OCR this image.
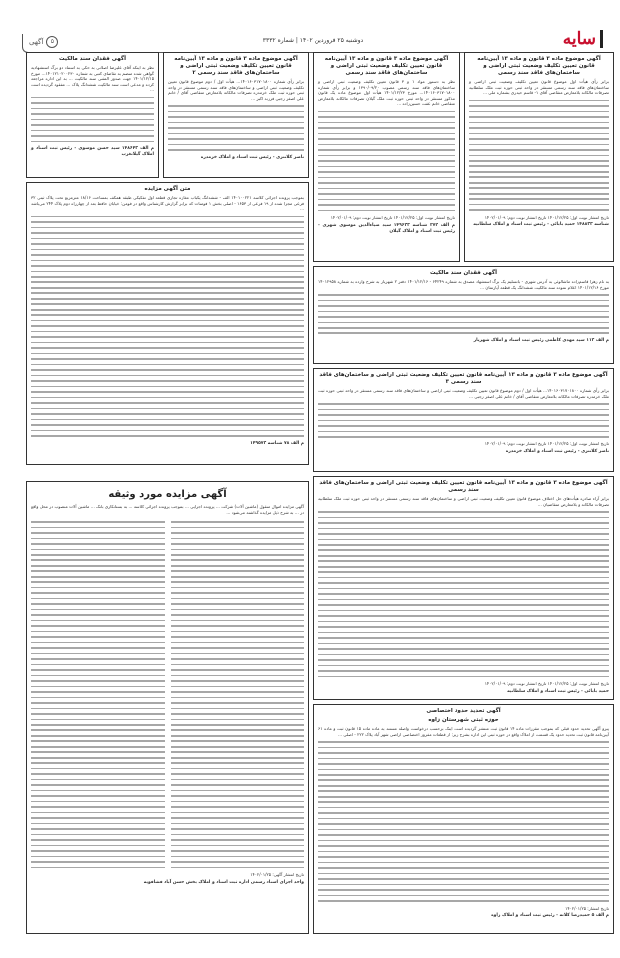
سایه
دوشنبه ۲۵ فروردین ۱۴۰۲ | شماره ۳۳۳۲
۵
آگهی
آگهی موضوع ماده ۳ قانون و ماده ۱۳ آیین‌نامه قانون تعیین تکلیف وضعیت ثبتی اراضی و ساختمان‌های فاقد سند رسمی

برابر رأی هیأت اول موضوع قانون تعیین تکلیف وضعیت ثبتی اراضی و ساختمان‌های فاقد سند رسمی مستقر در واحد ثبتی حوزه ثبت ملک سلطانیه تصرفات مالکانه بلامعارض متقاضی آقای ۱- قاسم حیدری بشماره ملی ...

تاریخ انتشار نوبت اول: ۱۴۰۱/۱۲/۲۵ تاریخ انتشار نوبت دوم: ۱۴۰۲/۰۱/۰۹

شناسه ۱۴۸۸۳۳ حمید بابائی - رئیس ثبت اسناد و املاک سلطانیه

آگهی موضوع ماده ۳ قانون و ماده ۱۳ آیین‌نامه قانون تعیین تکلیف وضعیت ثبتی اراضی و ساختمان‌های فاقد سند رسمی

نظر به دستور مواد ۱ و ۳ قانون تعیین تکلیف وضعیت ثبتی اراضی و ساختمان‌های فاقد سند رسمی مصوب ۱۳۹۰/۰۹/۲۰ و برابر رأی شماره ۱۴۰۱۶۰۳۱۷۰۱۸۰۰... مورخ ۱۴۰۱/۱۲/۲۳ هیأت اول موضوع ماده یک قانون مذکور مستقر در واحد ثبتی حوزه ثبت ملک گیلان تصرفات مالکانه بلامعارض متقاضی خانم عفت حسین‌زاده ...

تاریخ انتشار نوبت اول: ۱۴۰۱/۱۲/۲۵ تاریخ انتشار نوبت دوم: ۱۴۰۲/۰۱/۰۹

م الف ۲۷۲ شناسه ۱۴۹۶۳۳ سید ضیاءالدین موسوی شهری - رئیس ثبت اسناد و املاک گیلان

آگهی موضوع ماده ۳ قانون و ماده ۱۳ آیین‌نامه قانون تعیین تکلیف وضعیت ثبتی اراضی و ساختمان‌های فاقد سند رسمی ۲

برابر رأی شماره ۱۴۰۱۶۰۳۱۷۰۱۸۰۰... هیأت اول / دوم موضوع قانون تعیین تکلیف وضعیت ثبتی اراضی و ساختمان‌های فاقد سند رسمی مستقر در واحد ثبتی حوزه ثبت ملک خرمدره تصرفات مالکانه بلامعارض متقاضی آقای / خانم علی اصغر رجبی فرزند اکبر ...

ناصر کلانتری - رئیس ثبت اسناد و املاک خرمدره

آگهی فقدان سند مالکیت

نظر به اینکه آقای علیرضا اصلانی به حکی به استناد دو برگ استشهادیه گواهی شده منضم به تقاضای کتبی به شماره ۱۴۰۱۲۱۰۲۰۰۲۳۰... مورخ ۱۴۰۱/۱۲/۱۵ جهت صدور المثنی سند مالکیت ... به این اداره مراجعه کرده و مدعی است سند مالکیت ششدانگ پلاک ... مفقود گردیده است ...

م الف ۱۴۸۶۴۳ سید حسن موسوی - رئیس ثبت اسناد و املاک گیلانغرب

متن آگهی مزایده

بموجب پرونده اجرائی کلاسه ۱۴۰۱۰۰۲۲۱ الف - ششدانگ یکباب مغازه تجاری قطعه اول تفکیکی طبقه همکف بمساحت ۱۸/۱۶ مترمربع تحت پلاک ثبتی ۳۲ فرعی مجزا شده از ۱۹ فرعی از ۱۶۵۳ - اصلی بخش ۱ فومنات که برابر گزارش کارشناس واقع در فومن: خیابان حافظ بعد از چهارراه دوم پلاک ۲۴۴ می‌باشد ...

م الف ۷۸ شناسه ۱۴۹۵۷۳

آگهی فقدان سند مالکیت

به نام زهرا قاسم‌زاده ماشالوئی به آدرس شهری - باتسلیم یک برگ استشهاد مصدق به شماره ۶۴۲۴۹ - ۱۴۰۱/۱۲/۱۶ دفتر ۲ شهریار به شرح وارده به شماره ۱۴۰۱۲۹۵۸ مورخ ۱۴۰۱/۱۲/۱۶ اعلام نموده سند مالکیت ششدانگ یک قطعه آپارتمان ...

م الف ۱۱۲ سید مهدی کاظمی رئیس ثبت اسناد و املاک شهریار

آگهی موضوع ماده ۳ قانون و ماده ۱۳ آیین‌نامه قانون تعیین تکلیف وضعیت ثبتی اراضی و ساختمان‌های فاقد سند رسمی ۳

برابر رأی شماره ۱۴۰۱۶۰۳۱۷۰۱۸۰۰... هیأت اول / دوم موضوع قانون تعیین تکلیف وضعیت ثبتی اراضی و ساختمان‌های فاقد سند رسمی مستقر در واحد ثبتی حوزه ثبت ملک خرمدره تصرفات مالکانه بلامعارض متقاضی آقای / خانم علی اصغر رجبی ...

تاریخ انتشار نوبت اول: ۱۴۰۱/۱۲/۲۵ تاریخ انتشار نوبت دوم: ۱۴۰۲/۰۱/۰۹

ناصر کلانتری - رئیس ثبت اسناد و املاک خرمدره

آگهی موضوع ماده ۳ قانون و ماده ۱۳ آیین‌نامه قانون تعیین تکلیف وضعیت ثبتی اراضی و ساختمان‌های فاقد سند رسمی

برابر آراء صادره هیأت‌های حل اختلاف موضوع قانون تعیین تکلیف وضعیت ثبتی اراضی و ساختمان‌های فاقد سند رسمی مستقر در واحد ثبتی حوزه ثبت ملک سلطانیه تصرفات مالکانه و بلامعارض متقاضیان ...

تاریخ انتشار نوبت اول: ۱۴۰۱/۱۲/۲۵ تاریخ انتشار نوبت دوم: ۱۴۰۲/۰۱/۰۹

حمید بابائی - رئیس ثبت اسناد و املاک سلطانیه

آگهی تحدید حدود اختصاصی
حوزه ثبتی شهرستان زاوه

پیرو آگهی تحدید حدود قبلی که بموجب مقررات ماده ۱۴ قانون ثبت منتشر گردیده است اینک برحسب درخواست واصله مستند به ماده ماده ۱۵ قانون ثبت و ماده ۶۱ آیین‌نامه قانون ثبت تحدید حدود یک قسمت از املاک واقع در حوزه ثبتی این اداره بشرح زیر: از قطعات مفروز اختصاصی اراضی شهر آباد پلاک ۲۲۲ - اصلی ...

تاریخ انتشار: ۱۴۰۲/۰۱/۲۵

م الف ۵ حمیدرضا کلاته - رئیس ثبت اسناد و املاک زاوه

آگهی مزایده مورد وثیقه

آگهی مزایده اموال منقول (ماشین آلات) شرکت ... پرونده اجرایی ... بموجب پرونده اجرائی کلاسه ... به بستانکاری بانک ... ماشین آلات منصوب در محل واقع در ... به شرح ذیل مزایده گذاشته می‌شود ...

تاریخ انتشار آگهی: ۱۴۰۲/۰۱/۲۵

واحد اجرای اسناد رسمی اداره ثبت اسناد و املاک بخش حسن آباد فشافویه
